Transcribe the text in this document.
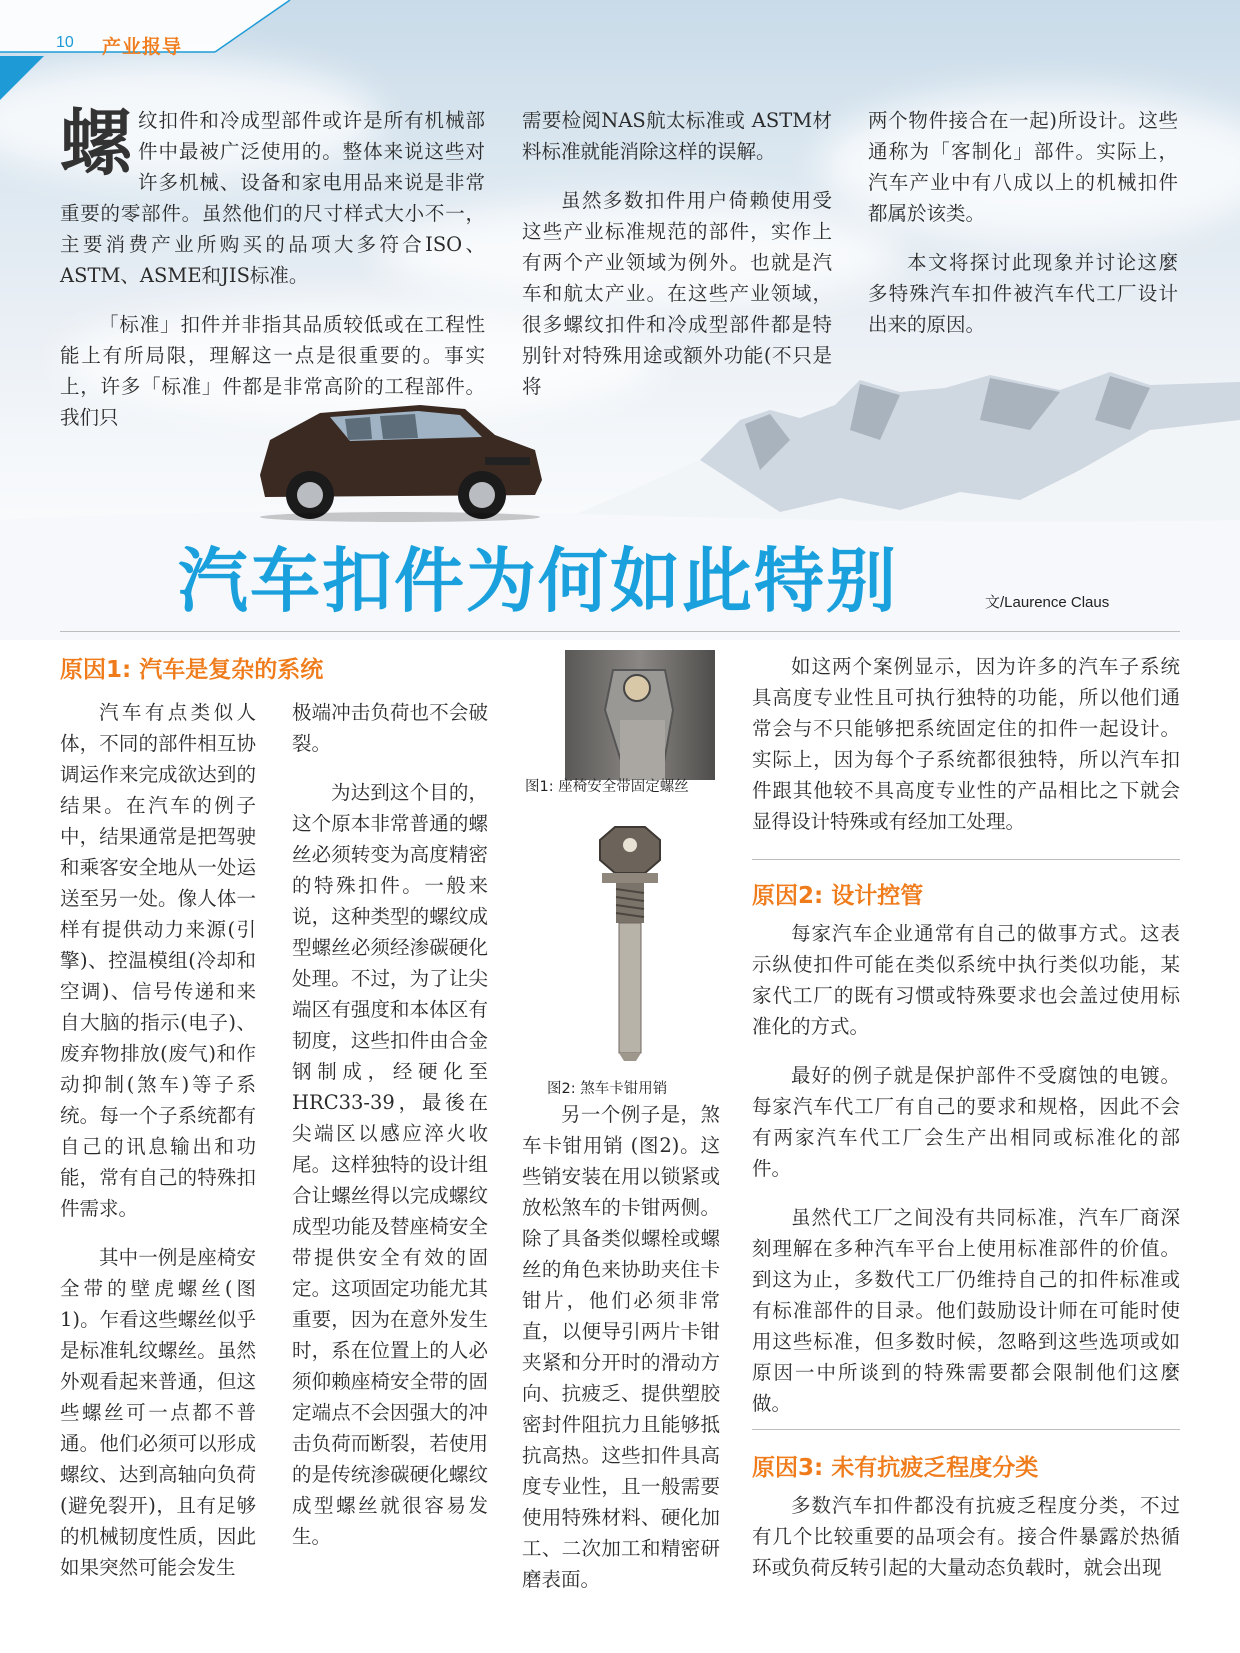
10 产业报导

螺纹扣件和冷成型部件或许是所有机械部件中最被广泛使用的。整体来说这些对许多机械、设备和家电用品来说是非常重要的零部件。虽然他们的尺寸样式大小不一，主要消费产业所购买的品项大多符合ISO、ASTM、ASME和JIS标准。

「标准」扣件并非指其品质较低或在工程性能上有所局限，理解这一点是很重要的。事实上，许多「标准」件都是非常高阶的工程部件。我们只

需要检阅NAS航太标准或 ASTM材料标准就能消除这样的误解。

虽然多数扣件用户倚赖使用受这些产业标准规范的部件，实作上有两个产业领域为例外。也就是汽车和航太产业。在这些产业领域，很多螺纹扣件和冷成型部件都是特别针对特殊用途或额外功能(不只是将

两个物件接合在一起)所设计。这些通称为「客制化」部件。实际上，汽车产业中有八成以上的机械扣件都属於该类。

本文将探讨此现象并讨论这麼多特殊汽车扣件被汽车代工厂设计出来的原因。

汽车扣件为何如此特别	文/Laurence Claus
原因1: 汽车是复杂的系统

汽车有点类似人体，不同的部件相互协调运作来完成欲达到的结果。在汽车的例子中，结果通常是把驾驶和乘客安全地从一处运送至另一处。像人体一样有提供动力来源(引擎)、控温模组(冷却和空调)、信号传递和来自大脑的指示(电子)、废弃物排放(废气)和作动抑制(煞车)等子系统。每一个子系统都有自己的讯息输出和功能，常有自己的特殊扣件需求。

其中一例是座椅安全带的壁虎螺丝(图1)。乍看这些螺丝似乎是标准轧纹螺丝。虽然外观看起来普通，但这些螺丝可一点都不普通。他们必须可以形成螺纹、达到高轴向负荷(避免裂开)，且有足够的机械韧度性质，因此如果突然可能会发生

极端冲击负荷也不会破裂。

为达到这个目的，这个原本非常普通的螺丝必须转变为高度精密的特殊扣件。一般来说，这种类型的螺纹成型螺丝必须经渗碳硬化处理。不过，为了让尖端区有强度和本体区有韧度，这些扣件由合金钢制成，经硬化至 HRC33-39，最後在尖端区以感应淬火收尾。这样独特的设计组合让螺丝得以完成螺纹成型功能及替座椅安全带提供安全有效的固定。这项固定功能尤其重要，因为在意外发生时，系在位置上的人必须仰赖座椅安全带的固定端点不会因强大的冲击负荷而断裂，若使用的是传统渗碳硬化螺纹成型螺丝就很容易发生。

图1: 座椅安全带固定螺丝
图2: 煞车卡钳用销

另一个例子是，煞车卡钳用销 (图2)。这些销安装在用以锁紧或放松煞车的卡钳两侧。除了具备类似螺栓或螺丝的角色来协助夹住卡钳片，他们必须非常直，以便导引两片卡钳夹紧和分开时的滑动方向、抗疲乏、提供塑胶密封件阻抗力且能够抵抗高热。这些扣件具高度专业性，且一般需要使用特殊材料、硬化加工、二次加工和精密研磨表面。

如这两个案例显示，因为许多的汽车子系统具高度专业性且可执行独特的功能，所以他们通常会与不只能够把系统固定住的扣件一起设计。实际上，因为每个子系统都很独特，所以汽车扣件跟其他较不具高度专业性的产品相比之下就会显得设计特殊或有经加工处理。

原因2: 设计控管

每家汽车企业通常有自己的做事方式。这表示纵使扣件可能在类似系统中执行类似功能，某家代工厂的既有习惯或特殊要求也会盖过使用标准化的方式。

最好的例子就是保护部件不受腐蚀的电镀。每家汽车代工厂有自己的要求和规格，因此不会有两家汽车代工厂会生产出相同或标准化的部件。

虽然代工厂之间没有共同标准，汽车厂商深刻理解在多种汽车平台上使用标准部件的价值。到这为止，多数代工厂仍维持自己的扣件标准或有标准部件的目录。他们鼓励设计师在可能时使用这些标准，但多数时候，忽略到这些选项或如原因一中所谈到的特殊需要都会限制他们这麼做。

原因3: 未有抗疲乏程度分类

多数汽车扣件都没有抗疲乏程度分类，不过有几个比较重要的品项会有。接合件暴露於热循环或负荷反转引起的大量动态负载时，就会出现
